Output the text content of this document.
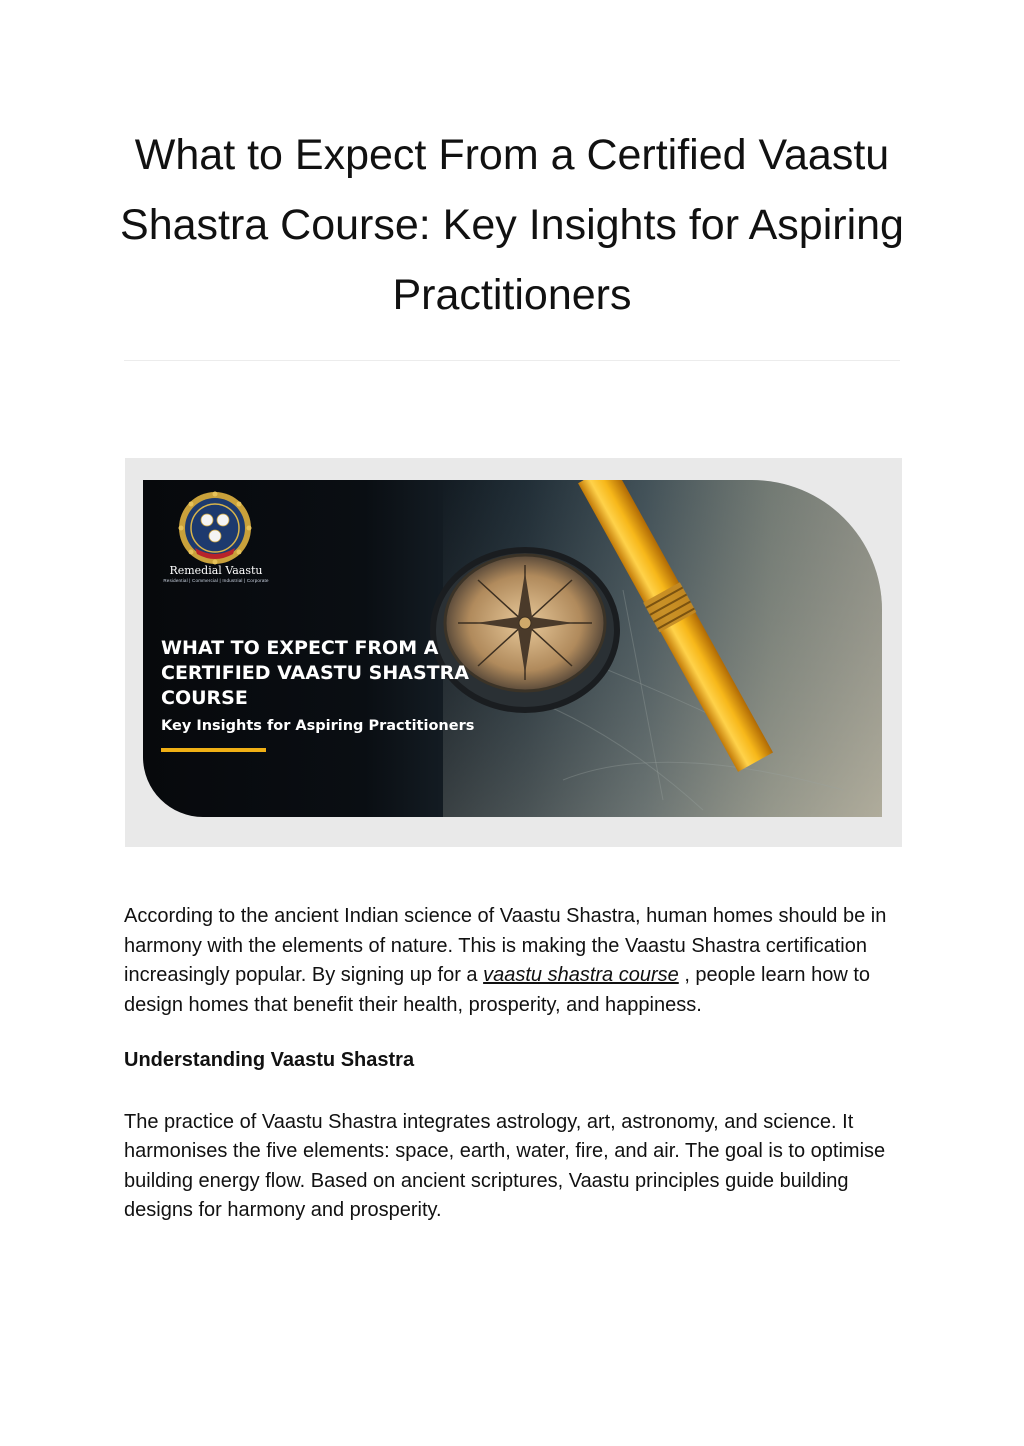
What to Expect From a Certified Vaastu Shastra Course: Key Insights for Aspiring Practitioners
Remedial Vaastu
Residential | Commercial | Industrial | Corporate
WHAT TO EXPECT FROM A
CERTIFIED VAASTU SHASTRA
COURSE
Key Insights for Aspiring Practitioners

According to the ancient Indian science of Vaastu Shastra, human homes should be in harmony with the elements of nature. This is making the Vaastu Shastra certification increasingly popular. By signing up for a vaastu shastra course , people learn how to design homes that benefit their health, prosperity, and happiness.

Understanding Vaastu Shastra

The practice of Vaastu Shastra integrates astrology, art, astronomy, and science. It harmonises the five elements: space, earth, water, fire, and air. The goal is to optimise building energy flow. Based on ancient scriptures, Vaastu principles guide building designs for harmony and prosperity.
